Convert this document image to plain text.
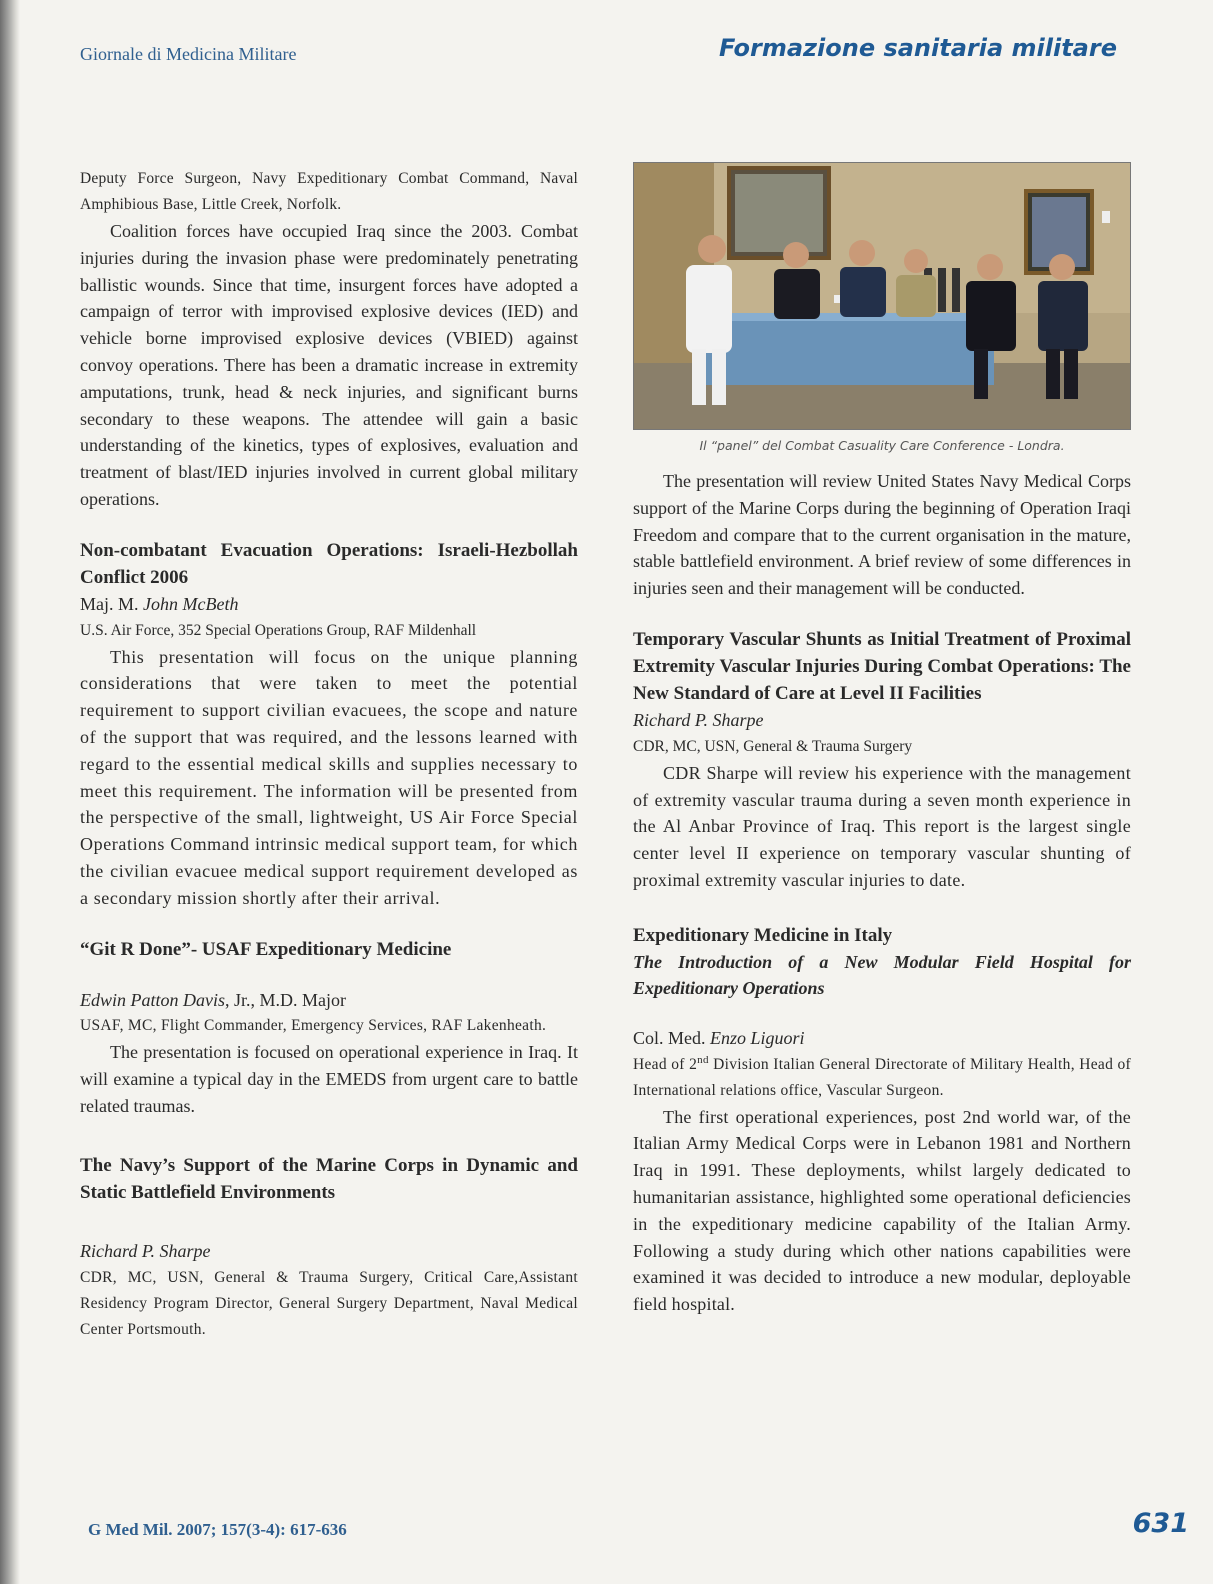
Giornale di Medicina Militare	Formazione sanitaria militare

Deputy Force Surgeon, Navy Expeditionary Combat Command, Naval Amphibious Base, Little Creek, Norfolk.

Coalition forces have occupied Iraq since the 2003. Combat injuries during the invasion phase were predominately penetrating ballistic wounds. Since that time, insurgent forces have adopted a campaign of terror with improvised explosive devices (IED) and vehicle borne improvised explosive devices (VBIED) against convoy operations. There has been a dramatic increase in extremity amputations, trunk, head & neck injuries, and significant burns secondary to these weapons. The attendee will gain a basic understanding of the kinetics, types of explosives, evaluation and treatment of blast/IED injuries involved in current global military operations.

Non-combatant Evacuation Operations: Israeli-Hezbollah Conflict 2006

Maj. M. John McBeth

U.S. Air Force, 352 Special Operations Group, RAF Mildenhall

This presentation will focus on the unique planning considerations that were taken to meet the potential requirement to support civilian evacuees, the scope and nature of the support that was required, and the lessons learned with regard to the essential medical skills and supplies necessary to meet this requirement. The information will be presented from the perspective of the small, lightweight, US Air Force Special Operations Command intrinsic medical support team, for which the civilian evacuee medical support requirement developed as a secondary mission shortly after their arrival.

“Git R Done”- USAF Expeditionary Medicine

Edwin Patton Davis, Jr., M.D. Major

USAF, MC, Flight Commander, Emergency Services, RAF Lakenheath.

The presentation is focused on operational experience in Iraq. It will examine a typical day in the EMEDS from urgent care to battle related traumas.

The Navy’s Support of the Marine Corps in Dynamic and Static Battlefield Environments

Richard P. Sharpe

CDR, MC, USN, General & Trauma Surgery, Critical Care,Assistant Residency Program Director, General Surgery Department, Naval Medical Center Portsmouth.

Il “panel” del Combat Casuality Care Conference - Londra.

The presentation will review United States Navy Medical Corps support of the Marine Corps during the beginning of Operation Iraqi Freedom and compare that to the current organisation in the mature, stable battlefield environment. A brief review of some differences in injuries seen and their management will be conducted.

Temporary Vascular Shunts as Initial Treatment of Proximal Extremity Vascular Injuries During Combat Operations: The New Standard of Care at Level II Facilities

Richard P. Sharpe

CDR, MC, USN, General & Trauma Surgery

CDR Sharpe will review his experience with the management of extremity vascular trauma during a seven month experience in the Al Anbar Province of Iraq. This report is the largest single center level II experience on temporary vascular shunting of proximal extremity vascular injuries to date.

Expeditionary Medicine in Italy

The Introduction of a New Modular Field Hospital for Expeditionary Operations

Col. Med. Enzo Liguori

Head of 2nd Division Italian General Directorate of Military Health, Head of International relations office, Vascular Surgeon.

The first operational experiences, post 2nd world war, of the Italian Army Medical Corps were in Lebanon 1981 and Northern Iraq in 1991. These deployments, whilst largely dedicated to humanitarian assistance, highlighted some operational deficiencies in the expeditionary medicine capability of the Italian Army. Following a study during which other nations capabilities were examined it was decided to introduce a new modular, deployable field hospital.

G Med Mil. 2007; 157(3-4): 617-636	631
